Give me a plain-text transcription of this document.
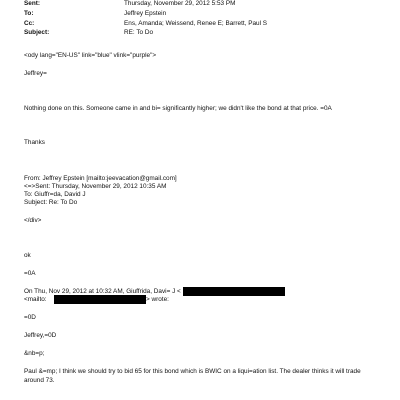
Sent:	Thursday, November 29, 2012 5:53 PM
To:	Jeffrey Epstein
Cc:	Ens, Amanda; Weissend, Renee E; Barrett, Paul S
Subject:	RE: To Do
<ody lang="EN-US" link="blue" vlink="purple">
Jeffrey=
Nothing done on this. Someone came in and bi= significantly higher; we didn't like the bond at that price. =0A
Thanks
From: Jeffrey Epstein [mailto:jeevacation@gmail.com]
<=>Sent: Thursday, November 29, 2012 10:35 AM
To: Giuffr=da, David J
Subject: Re: To Do
</div>
ok
=0A
On Thu, Nov 29, 2012 at 10:32 AM, Giuffrida, Davi= J <
<mailto:	> wrote:
=0D
Jeffrey,=0D
&nb=p;
Paul &=mp; I think we should try to bid 65 for this bond which is BWIC on a liqui=ation list. The dealer thinks it will trade
around 73.
